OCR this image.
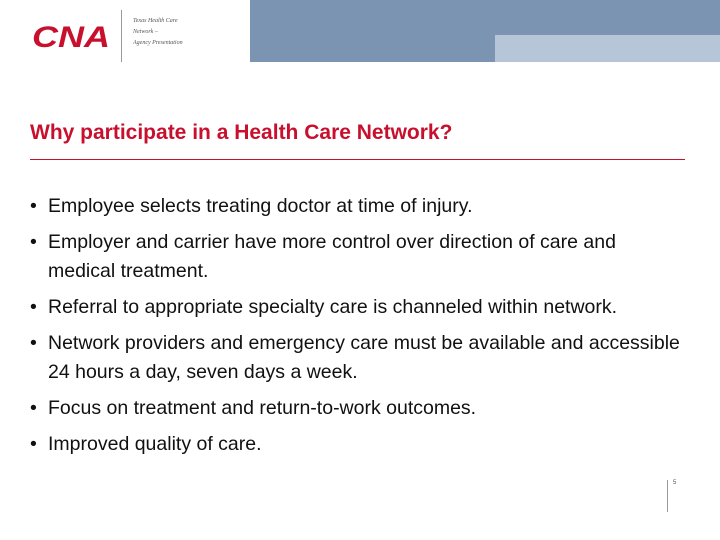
CNA	Texas Health Care
Network –
Agency Presentation
Why participate in a Health Care Network?
• Employee selects treating doctor at time of injury.
• Employer and carrier have more control over direction of care and medical treatment.
• Referral to appropriate specialty care is channeled within network.
• Network providers and emergency care must be available and accessible 24 hours a day, seven days a week.
• Focus on treatment and return-to-work outcomes.
• Improved quality of care.
5
